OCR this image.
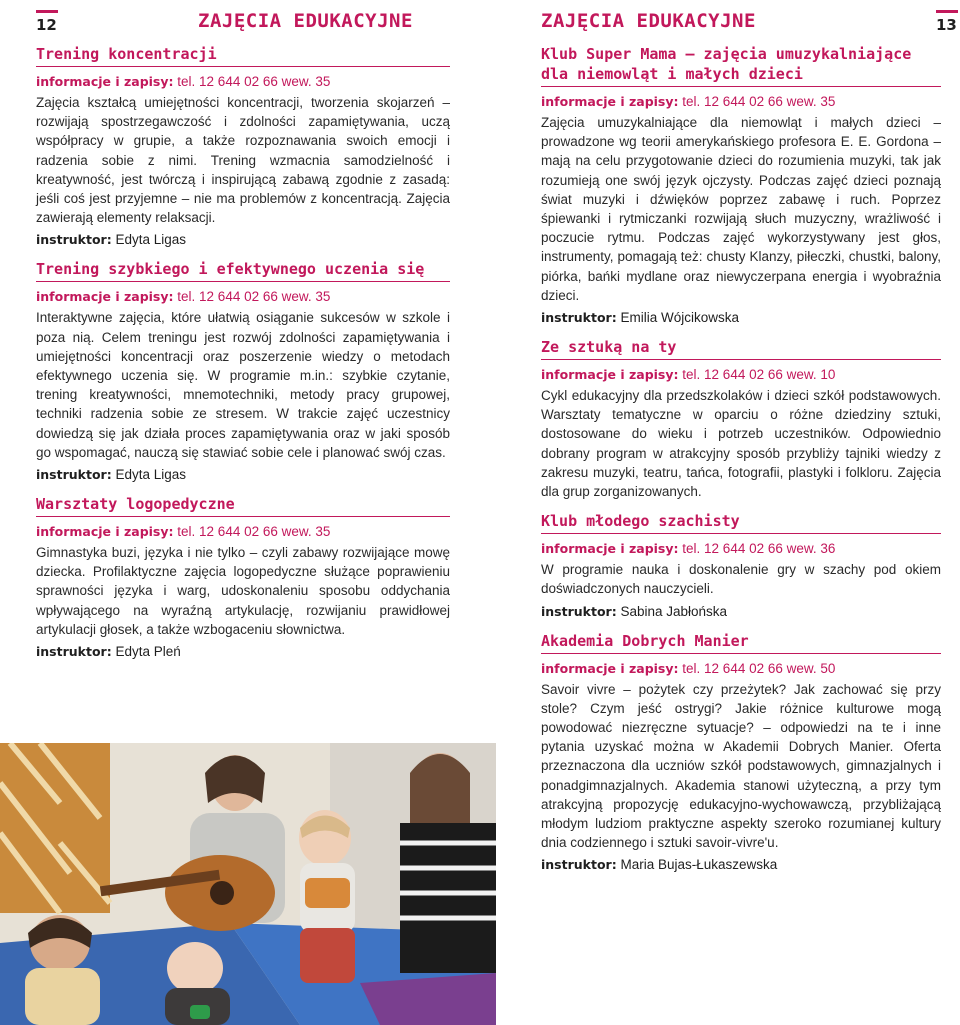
12	ZAJĘCIA EDUKACYJNE
Trening koncentracji
informacje i zapisy: tel. 12 644 02 66 wew. 35

Zajęcia kształcą umiejętności koncentracji, tworzenia skojarzeń – rozwijają spostrzegawczość i zdolności zapamiętywania, uczą współpracy w grupie, a także rozpoznawania swoich emocji i radzenia sobie z nimi. Trening wzmacnia samodzielność i kreatywność, jest twórczą i inspirującą zabawą zgodnie z zasadą: jeśli coś jest przyjemne – nie ma problemów z koncentracją. Zajęcia zawierają elementy relaksacji.

instruktor: Edyta Ligas
Trening szybkiego i efektywnego uczenia się
informacje i zapisy: tel. 12 644 02 66 wew. 35

Interaktywne zajęcia, które ułatwią osiąganie sukcesów w szkole i poza nią. Celem treningu jest rozwój zdolności zapamiętywania i umiejętności koncentracji oraz poszerzenie wiedzy o metodach efektywnego uczenia się. W programie m.in.: szybkie czytanie, trening kreatywności, mnemotechniki, metody pracy grupowej, techniki radzenia sobie ze stresem. W trakcie zajęć uczestnicy dowiedzą się jak działa proces zapamiętywania oraz w jaki sposób go wspomagać, nauczą się stawiać sobie cele i planować swój czas.

instruktor: Edyta Ligas
Warsztaty logopedyczne
informacje i zapisy: tel. 12 644 02 66 wew. 35

Gimnastyka buzi, języka i nie tylko – czyli zabawy rozwijające mowę dziecka. Profilaktyczne zajęcia logopedyczne służące poprawieniu sprawności języka i warg, udoskonaleniu sposobu oddychania wpływającego na wyraźną artykulację, rozwijaniu prawidłowej artykulacji głosek, a także wzbogaceniu słownictwa.

instruktor: Edyta Pleń
ZAJĘCIA EDUKACYJNE	13
Klub Super Mama – zajęcia umuzykalniające dla niemowląt i małych dzieci
informacje i zapisy: tel. 12 644 02 66 wew. 35

Zajęcia umuzykalniające dla niemowląt i małych dzieci – prowadzone wg teorii amerykańskiego profesora E. E. Gordona – mają na celu przygotowanie dzieci do rozumienia muzyki, tak jak rozumieją one swój język ojczysty. Podczas zajęć dzieci poznają świat muzyki i dźwięków poprzez zabawę i ruch. Poprzez śpiewanki i rytmiczanki rozwijają słuch muzyczny, wrażliwość i poczucie rytmu. Podczas zajęć wykorzystywany jest głos, instrumenty, pomagają też: chusty Klanzy, piłeczki, chustki, balony, piórka, bańki mydlane oraz niewyczerpana energia i wyobraźnia dzieci.

instruktor: Emilia Wójcikowska
Ze sztuką na ty
informacje i zapisy: tel. 12 644 02 66 wew. 10

Cykl edukacyjny dla przedszkolaków i dzieci szkół podstawowych. Warsztaty tematyczne w oparciu o różne dziedziny sztuki, dostosowane do wieku i potrzeb uczestników. Odpowiednio dobrany program w atrakcyjny sposób przybliży tajniki wiedzy z zakresu muzyki, teatru, tańca, fotografii, plastyki i folkloru. Zajęcia dla grup zorganizowanych.

Klub młodego szachisty
informacje i zapisy: tel. 12 644 02 66 wew. 36

W programie nauka i doskonalenie gry w szachy pod okiem doświadczonych nauczycieli.

instruktor: Sabina Jabłońska
Akademia Dobrych Manier
informacje i zapisy: tel. 12 644 02 66 wew. 50

Savoir vivre – pożytek czy przeżytek? Jak zachować się przy stole? Czym jeść ostrygi? Jakie różnice kulturowe mogą powodować niezręczne sytuacje? – odpowiedzi na te i inne pytania uzyskać można w Akademii Dobrych Manier. Oferta przeznaczona dla uczniów szkół podstawowych, gimnazjalnych i ponadgimnazjalnych. Akademia stanowi użyteczną, a przy tym atrakcyjną propozycję edukacyjno-wychowawczą, przybliżającą młodym ludziom praktyczne aspekty szeroko rozumianej kultury dnia codziennego i sztuki savoir-vivre'u.

instruktor: Maria Bujas-Łukaszewska
